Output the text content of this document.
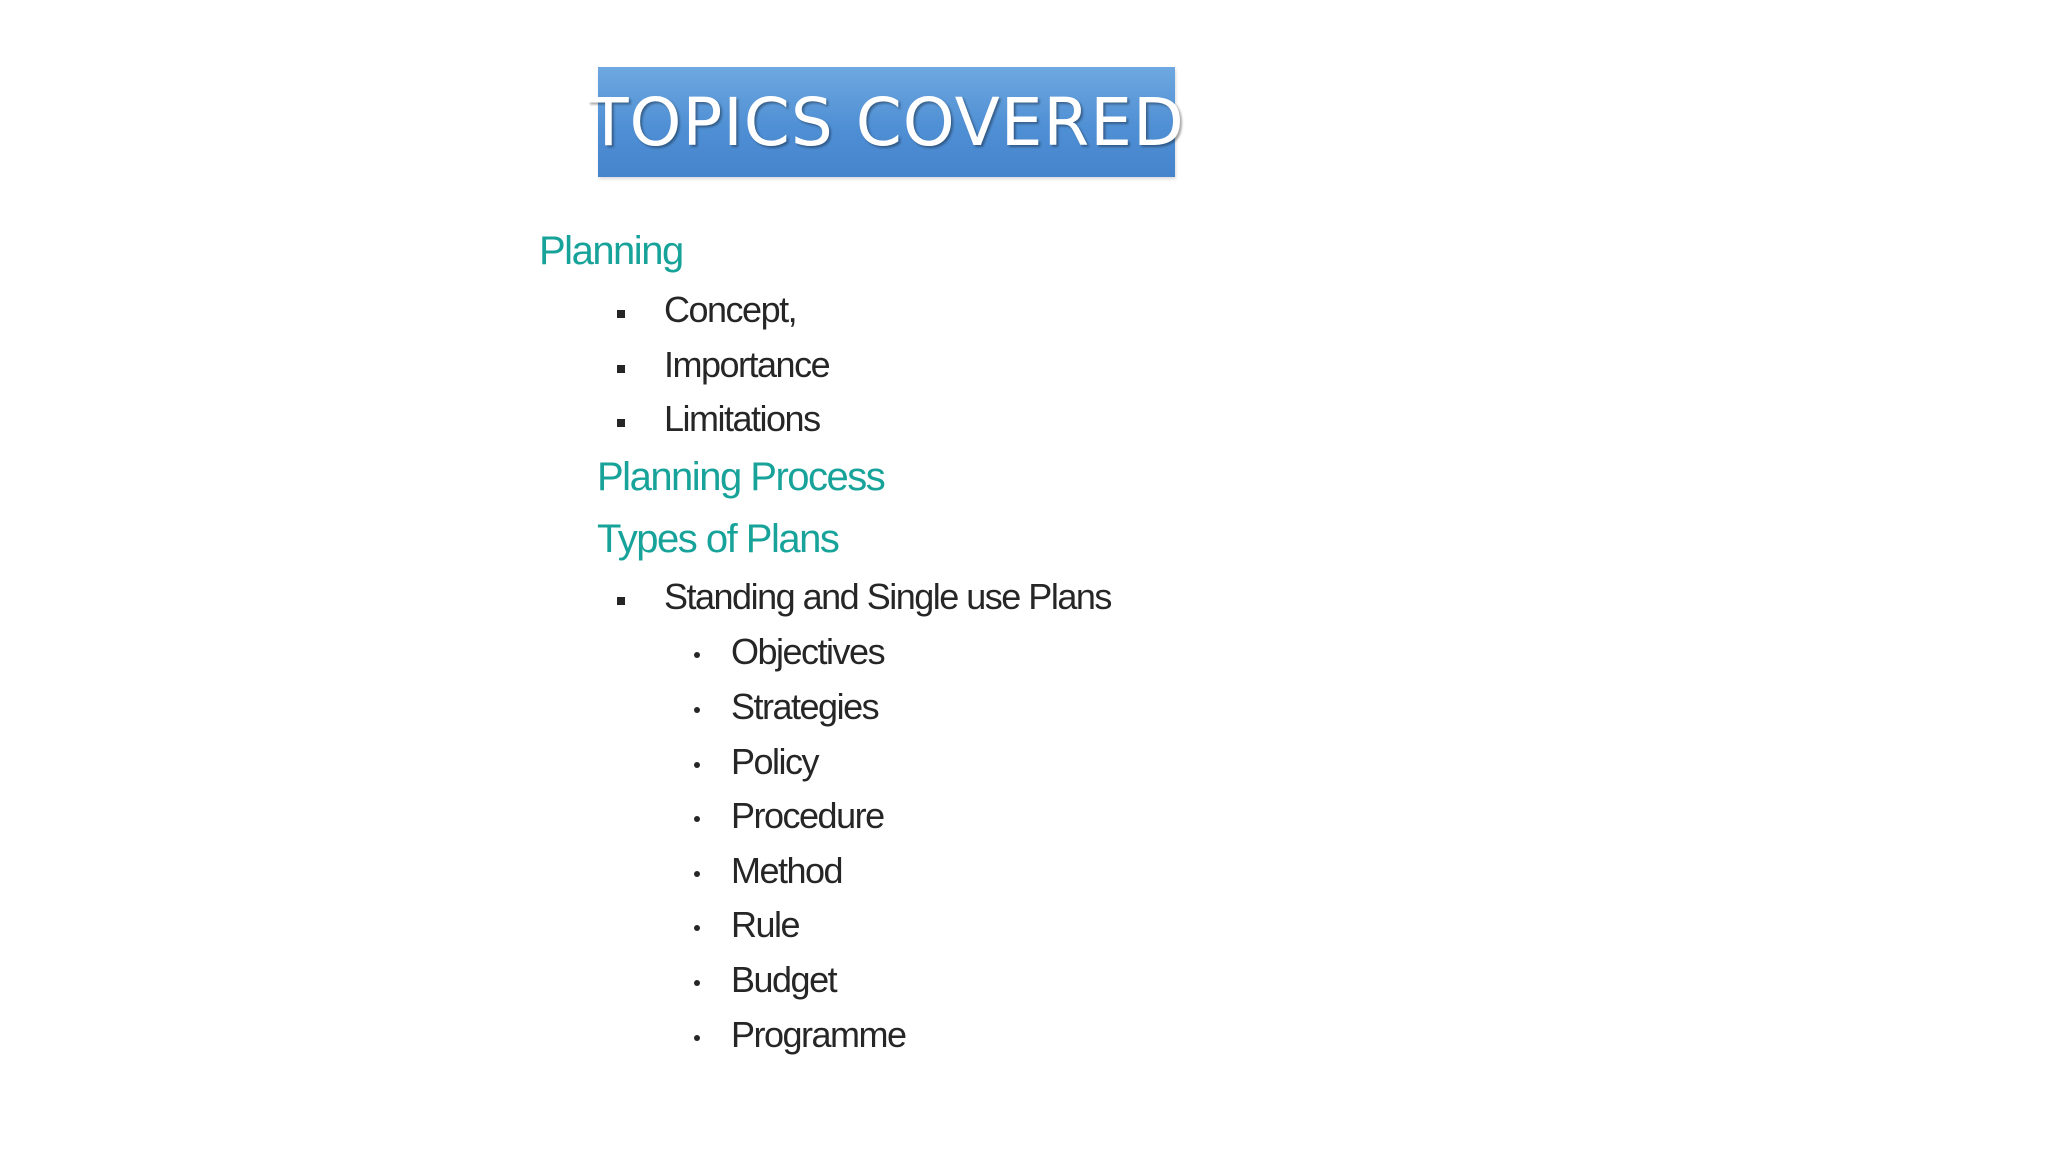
TOPICS COVERED
Planning
Concept,
Importance
Limitations
Planning Process
Types of Plans
Standing and Single use Plans
Objectives
Strategies
Policy
Procedure
Method
Rule
Budget
Programme
